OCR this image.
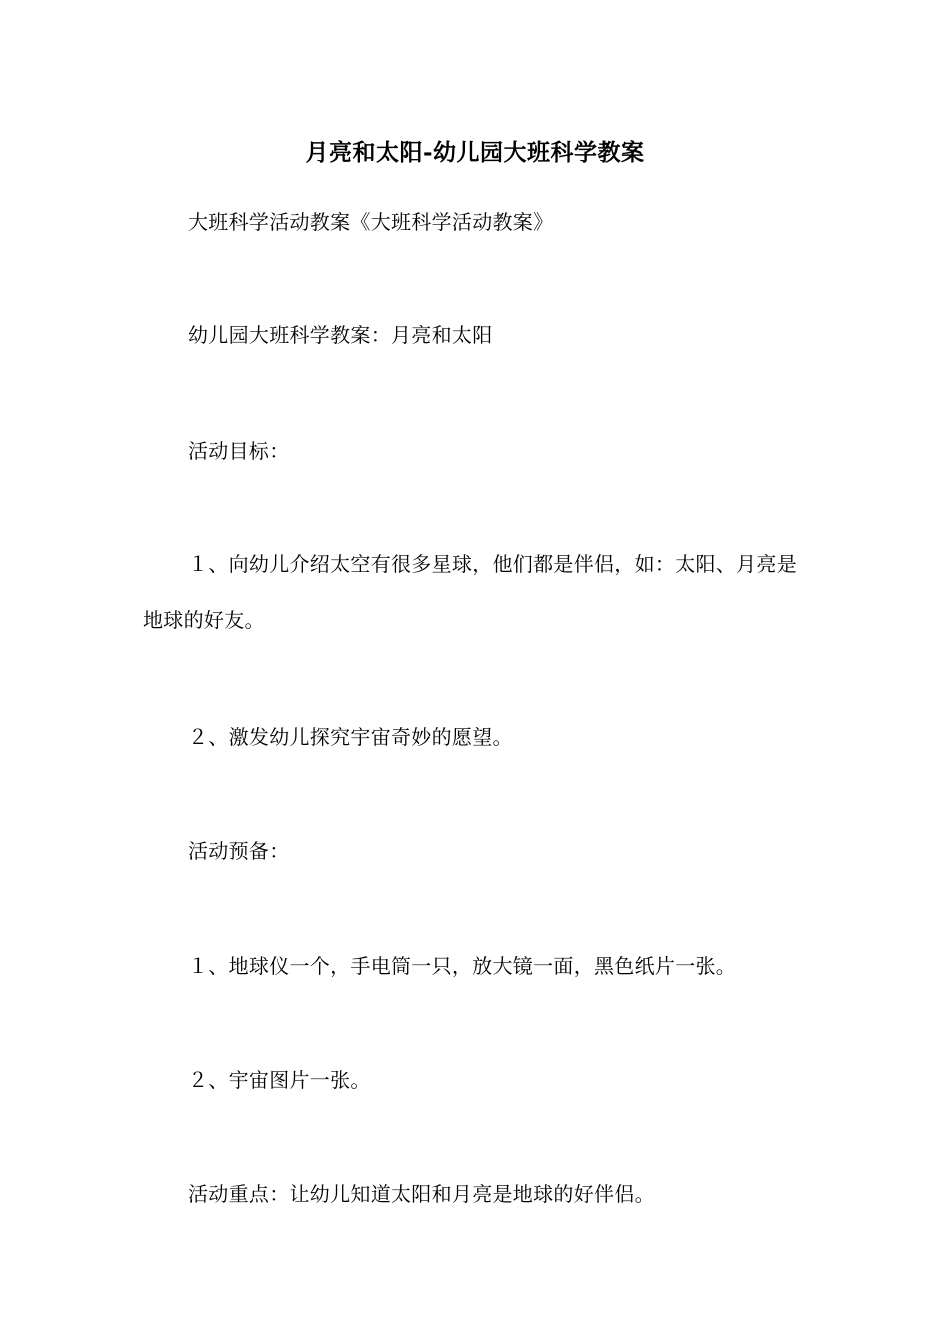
月亮和太阳-幼儿园大班科学教案
大班科学活动教案《大班科学活动教案》
幼儿园大班科学教案：月亮和太阳
活动目标：
１、向幼儿介绍太空有很多星球，他们都是伴侣，如：太阳、月亮是地球的好友。
２、激发幼儿探究宇宙奇妙的愿望。
活动预备：
１、地球仪一个，手电筒一只，放大镜一面，黑色纸片一张。
２、宇宙图片一张。
活动重点：让幼儿知道太阳和月亮是地球的好伴侣。
